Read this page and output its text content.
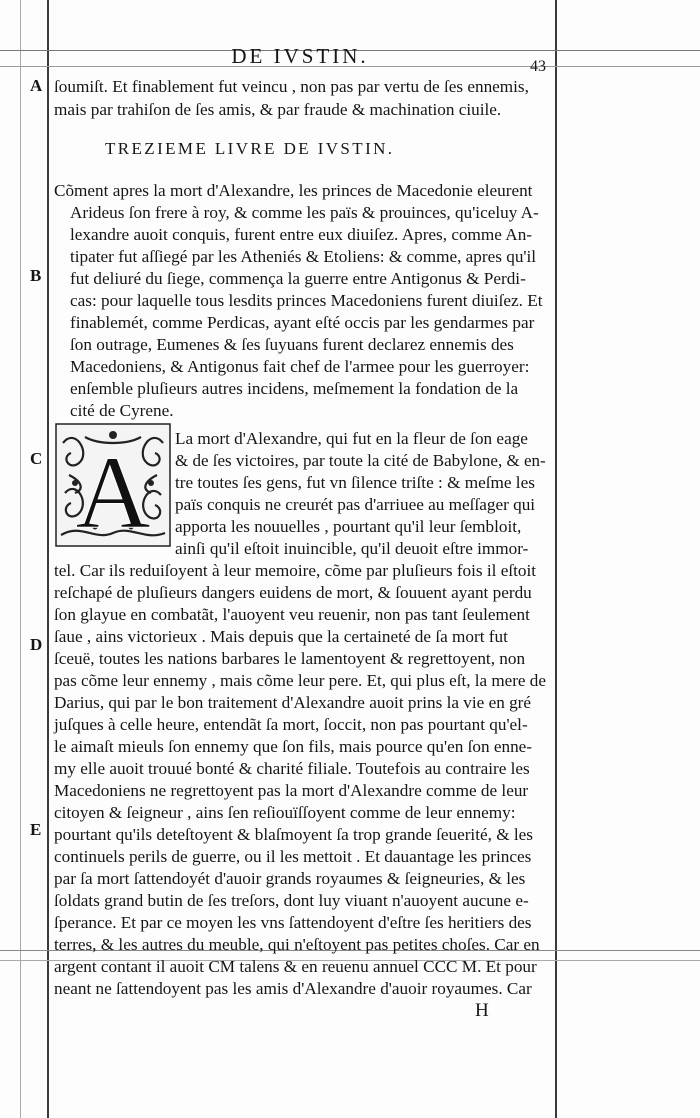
DE IVSTIN.	43
A
B
C
D
E
ſoumiſt. Et finablement fut veincu , non pas par vertu de ſes ennemis,
mais par trahiſon de ſes amis, & par fraude & machination ciuile.
TREZIEME LIVRE DE IVSTIN.
Cõment apres la mort d'Alexandre, les princes de Macedonie eleurent
Arideus ſon frere à roy, & comme les païs & prouinces, qu'iceluy A-
lexandre auoit conquis, furent entre eux diuiſez. Apres, comme An-
tipater fut aſſiegé par les Atheniés & Etoliens: & comme, apres qu'il
fut deliuré du ſiege, commença la guerre entre Antigonus & Perdi-
cas: pour laquelle tous lesdits princes Macedoniens furent diuiſez. Et
finablemét, comme Perdicas, ayant eſté occis par les gendarmes par
ſon outrage, Eumenes & ſes ſuyuans furent declarez ennemis des
Macedoniens, & Antigonus fait chef de l'armee pour les guerroyer:
enſemble pluſieurs autres incidens, meſmement la fondation de la
cité de Cyrene.
A La mort d'Alexandre, qui fut en la fleur de ſon eage
& de ſes victoires, par toute la cité de Babylone, & en-
tre toutes ſes gens, fut vn ſilence triſte : & meſme les
païs conquis ne creurét pas d'arriuee au meſſager qui
apporta les nouuelles , pourtant qu'il leur ſembloit,
ainſi qu'il eſtoit inuincible, qu'il deuoit eſtre immor-
tel. Car ils reduiſoyent à leur memoire, cõme par pluſieurs fois il eſtoit
reſchapé de pluſieurs dangers euidens de mort, & ſouuent ayant perdu
ſon glayue en combatãt, l'auoyent veu reuenir, non pas tant ſeulement
ſaue , ains victorieux . Mais depuis que la certaineté de ſa mort fut
ſceuë, toutes les nations barbares le lamentoyent & regrettoyent, non
pas cõme leur ennemy , mais cõme leur pere. Et, qui plus eſt, la mere de
Darius, qui par le bon traitement d'Alexandre auoit prins la vie en gré
juſques à celle heure, entendãt ſa mort, ſoccit, non pas pourtant qu'el-
le aimaſt mieuls ſon ennemy que ſon fils, mais pource qu'en ſon enne-
my elle auoit trouué bonté & charité filiale. Toutefois au contraire les
Macedoniens ne regrettoyent pas la mort d'Alexandre comme de leur
citoyen & ſeigneur , ains ſen reſiouïſſoyent comme de leur ennemy:
pourtant qu'ils deteſtoyent & blaſmoyent ſa trop grande ſeuerité, & les
continuels perils de guerre, ou il les mettoit . Et dauantage les princes
par ſa mort ſattendoyét d'auoir grands royaumes & ſeigneuries, & les
ſoldats grand butin de ſes treſors, dont luy viuant n'auoyent aucune e-
ſperance. Et par ce moyen les vns ſattendoyent d'eſtre ſes heritiers des
terres, & les autres du meuble, qui n'eſtoyent pas petites choſes. Car en
argent contant il auoit CM talens & en reuenu annuel CCC M. Et pour
neant ne ſattendoyent pas les amis d'Alexandre d'auoir royaumes. Car
H
